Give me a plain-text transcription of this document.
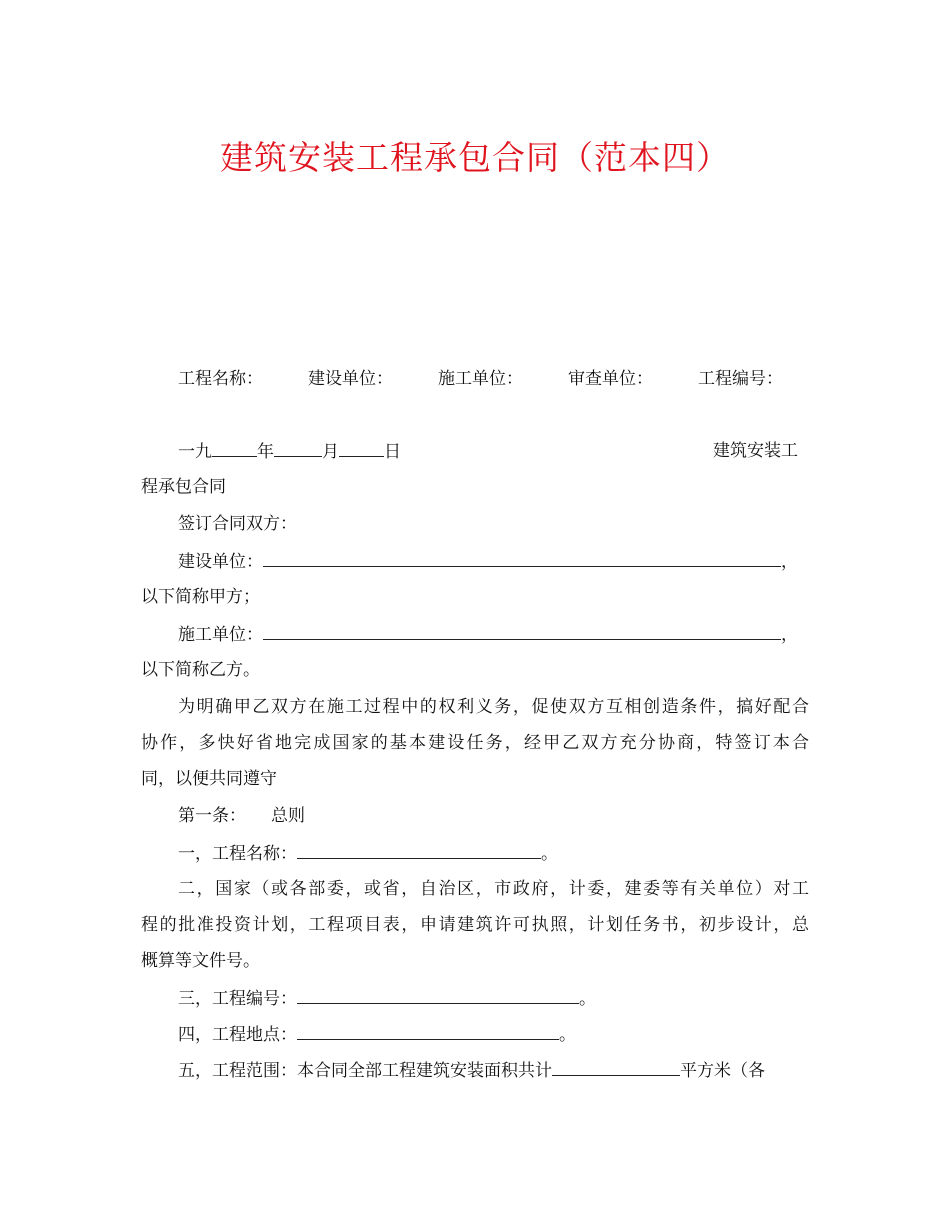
建筑安装工程承包合同（范本四）
工程名称：	建设单位：	施工单位：	审查单位：	工程编号：
一九	年	月	日	建筑安装工
程承包合同
签订合同双方：
建设单位：	，
以下简称甲方；
施工单位：	，
以下简称乙方。
为明确甲乙双方在施工过程中的权利义务，促使双方互相创造条件，搞好配合
协作，多快好省地完成国家的基本建设任务，经甲乙双方充分协商，特签订本合
同，以便共同遵守
第一条： 总则
一，工程名称：	。
二，国家（或各部委，或省，自治区，市政府，计委，建委等有关单位）对工
程的批准投资计划，工程项目表，申请建筑许可执照，计划任务书，初步设计，总
概算等文件号。
三，工程编号：	。
四，工程地点：	。
五，工程范围：本合同全部工程建筑安装面积共计	平方米（各
